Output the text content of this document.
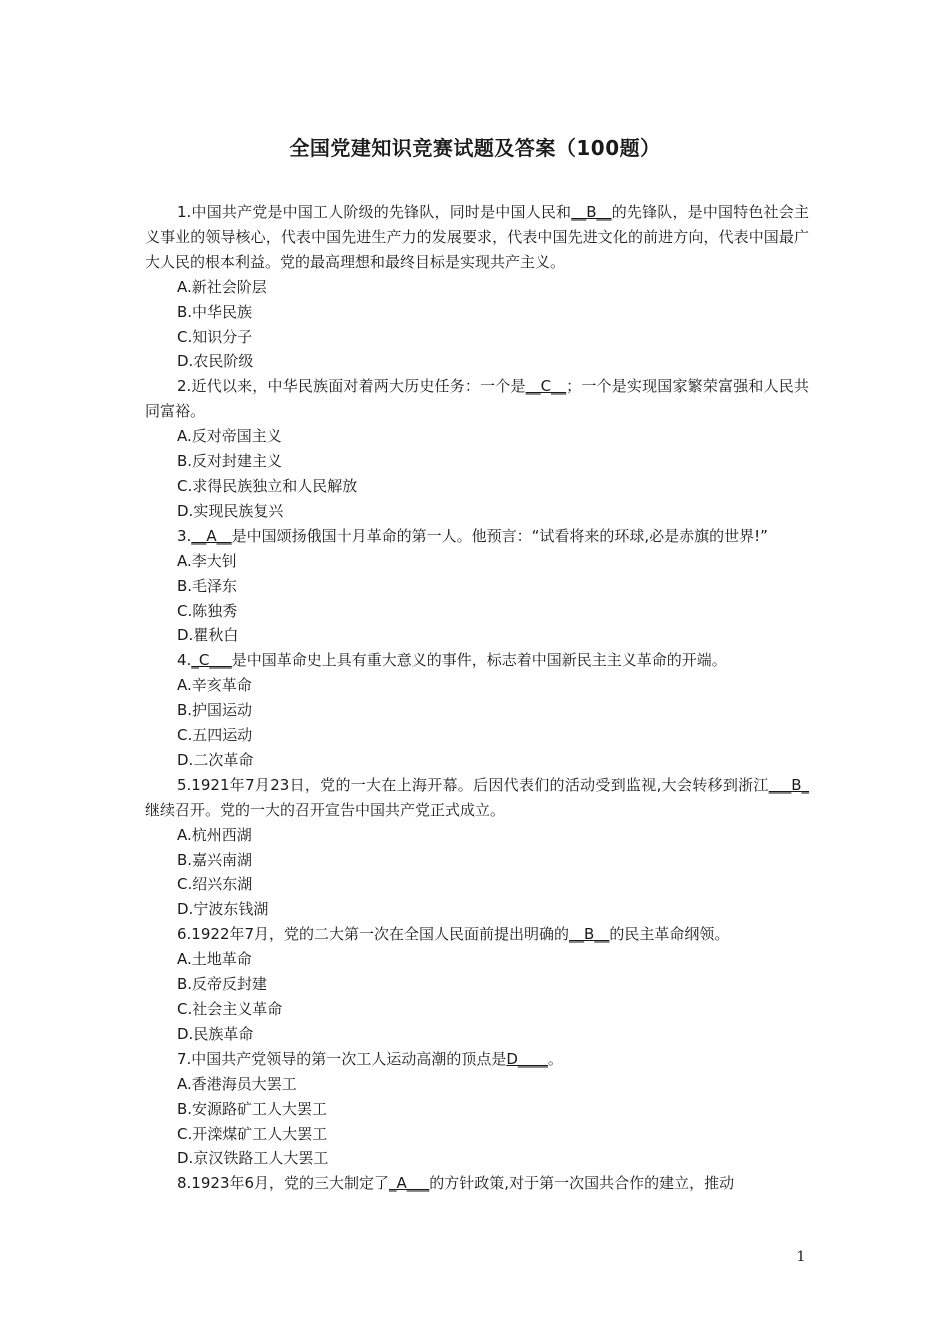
全国党建知识竞赛试题及答案（100题）

1.中国共产党是中国工人阶级的先锋队，同时是中国人民和__B__的先锋队，是中国特色社会主义事业的领导核心，代表中国先进生产力的发展要求，代表中国先进文化的前进方向，代表中国最广大人民的根本利益。党的最高理想和最终目标是实现共产主义。

A.新社会阶层

B.中华民族

C.知识分子

D.农民阶级

2.近代以来，中华民族面对着两大历史任务：一个是__C__；一个是实现国家繁荣富强和人民共同富裕。

A.反对帝国主义

B.反对封建主义

C.求得民族独立和人民解放

D.实现民族复兴

3.__A__是中国颂扬俄国十月革命的第一人。他预言：“试看将来的环球,必是赤旗的世界!”

A.李大钊

B.毛泽东

C.陈独秀

D.瞿秋白

4._C___是中国革命史上具有重大意义的事件，标志着中国新民主主义革命的开端。

A.辛亥革命

B.护国运动

C.五四运动

D.二次革命

5.1921年7月23日，党的一大在上海开幕。后因代表们的活动受到监视,大会转移到浙江___B_继续召开。党的一大的召开宣告中国共产党正式成立。

A.杭州西湖

B.嘉兴南湖

C.绍兴东湖

D.宁波东钱湖

6.1922年7月，党的二大第一次在全国人民面前提出明确的__B__的民主革命纲领。

A.土地革命

B.反帝反封建

C.社会主义革命

D.民族革命

7.中国共产党领导的第一次工人运动高潮的顶点是D____。

A.香港海员大罢工

B.安源路矿工人大罢工

C.开滦煤矿工人大罢工

D.京汉铁路工人大罢工

8.1923年6月，党的三大制定了_A___的方针政策,对于第一次国共合作的建立，推动

1
